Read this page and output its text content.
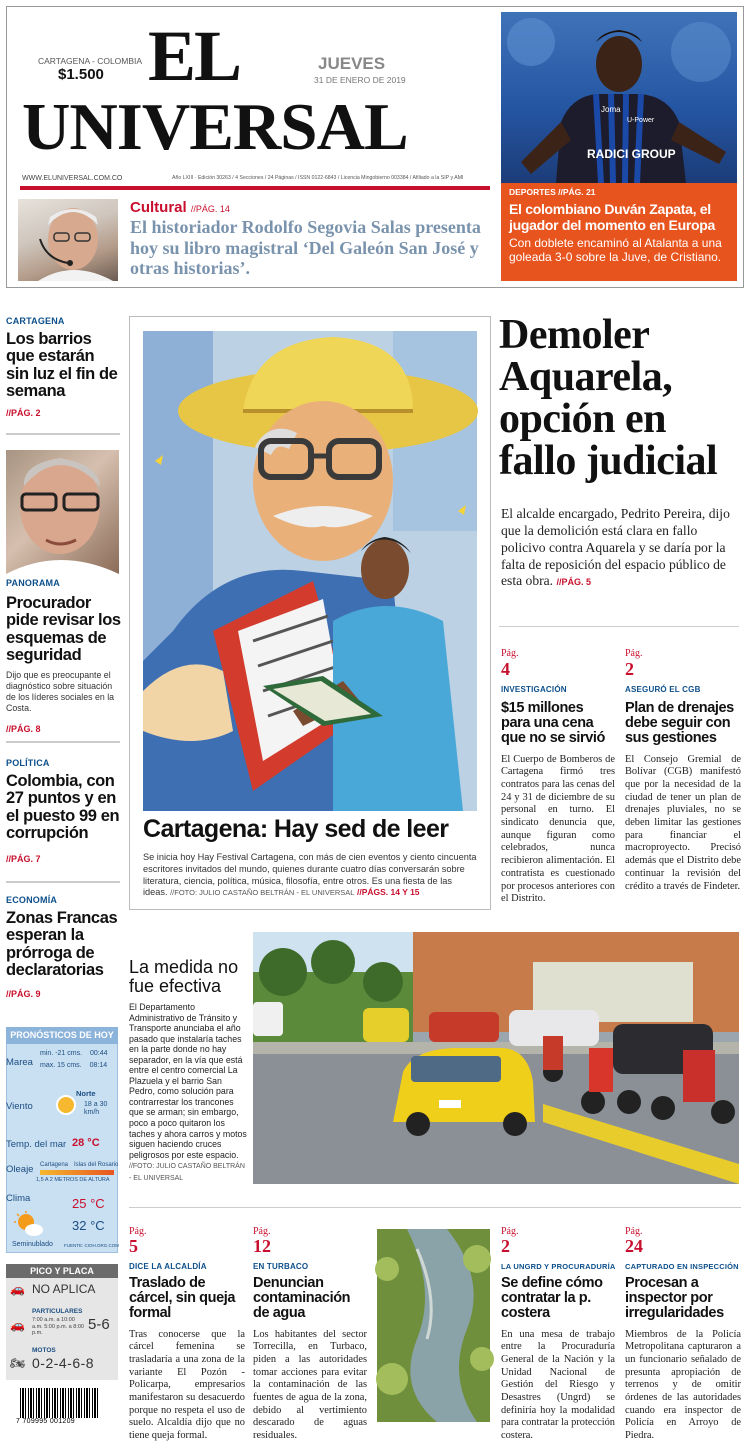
CARTAGENA - COLOMBIA
$1.500 EL
UNIVERSAL
JUEVES
31 DE ENERO DE 2019
WWW.ELUNIVERSAL.COM.CO	Año LXIII · Edición 30263 / 4 Secciones / 24 Páginas / ISSN 0122-6843 / Licencia Mingobierno 003384 / Afiliado a la SIP y AMI
Cultural //PÁG. 14
El historiador Rodolfo Segovia Salas presenta hoy su libro magistral ‘Del Galeón San José y otras historias’.
Joma
U-Power
RADICI GROUP
DEPORTES //PÁG. 21
El colombiano Duván Zapata, el jugador del momento en Europa
Con doblete encaminó al Atalanta a una goleada 3-0 sobre la Juve, de Cristiano.
CARTAGENA
Los barrios que estarán sin luz el fin de semana
//PÁG. 2
PANORAMA
Procurador pide revisar los esquemas de seguridad
Dijo que es preocupante el diagnóstico sobre situación de los líderes sociales en la Costa.
//PÁG. 8
POLÍTICA
Colombia, con 27 puntos y en el puesto 99 en corrupción
//PÁG. 7
ECONOMÍA
Zonas Francas esperan la prórroga de declaratorias
//PÁG. 9
PRONÓSTICOS DE HOY
Marea
min. -21 cms. 00:44
max. 15 cms. 08:14
Viento
Norte
18 a 30 km/h
Temp. del mar 28 °C
Oleaje Cartagena Islas del Rosario
1,5 A 2 METROS DE ALTURA
Clima	25 °C
32 °C
Seminublado FUENTE: CIOH.ORG.COM
PICO Y PLACA
🚗 NO APLICA
PARTICULARES
🚗 7:00 a.m. a 10:00 a.m. 5:00 p.m. a 8:00 p.m.
5-6
MOTOS
🏍 0-2-4-6-8
7 709995 001209
Cartagena: Hay sed de leer
Se inicia hoy Hay Festival Cartagena, con más de cien eventos y ciento cincuenta escritores invitados del mundo, quienes durante cuatro días conversarán sobre literatura, ciencia, política, música, filosofía, entre otros. Es una fiesta de las ideas. //FOTO: JULIO CASTAÑO BELTRÁN - EL UNIVERSAL //PÁGS. 14 Y 15
Demoler Aquarela, opción en fallo judicial
El alcalde encargado, Pedrito Pereira, dijo que la demolición está clara en fallo policivo contra Aquarela y se daría por la falta de reposición del espacio público de esta obra. //PÁG. 5
Pág.
4
INVESTIGACIÓN
$15 millones para una cena que no se sirvió
El Cuerpo de Bomberos de Cartagena firmó tres contratos para las cenas del 24 y 31 de diciembre de su personal en turno. El sindicato denuncia que, aunque figuran como celebrados, nunca recibieron alimentación. El contratista es cuestionado por procesos anteriores con el Distrito.
Pág.
2
ASEGURÓ EL CGB
Plan de drenajes debe seguir con sus gestiones
El Consejo Gremial de Bolívar (CGB) manifestó que por la necesidad de la ciudad de tener un plan de drenajes pluviales, no se deben limitar las gestiones para financiar el macroproyecto. Precisó además que el Distrito debe continuar la revisión del crédito a través de Findeter.
La medida no fue efectiva
El Departamento Administrativo de Tránsito y Transporte anunciaba el año pasado que instalaría taches en la parte donde no hay separador, en la vía que está entre el centro comercial La Plazuela y el barrio San Pedro, como solución para contrarrestar los trancones que se arman; sin embargo, poco a poco quitaron los taches y ahora carros y motos siguen haciendo cruces peligrosos por este espacio. //FOTO: JULIO CASTAÑO BELTRÁN - EL UNIVERSAL
Pág.
5
DICE LA ALCALDÍA
Traslado de cárcel, sin queja formal
Tras conocerse que la cárcel femenina se trasladaría a una zona de la variante El Pozón - Policarpa, empresarios manifestaron su desacuerdo porque no respeta el uso de suelo. Alcaldía dijo que no tiene queja formal.
Pág.
12
EN TURBACO
Denuncian contaminación de agua
Los habitantes del sector Torrecilla, en Turbaco, piden a las autoridades tomar acciones para evitar la contaminación de las fuentes de agua de la zona, debido al vertimiento descarado de aguas residuales.
Pág.
2
LA UNGRD Y PROCURADURÍA
Se define cómo contratar la p. costera
En una mesa de trabajo entre la Procuraduría General de la Nación y la Unidad Nacional de Gestión del Riesgo y Desastres (Ungrd) se definiría hoy la modalidad para contratar la protección costera.
Pág.
24
CAPTURADO EN INSPECCIÓN
Procesan a inspector por irregularidades
Miembros de la Policía Metropolitana capturaron a un funcionario señalado de presunta apropiación de terrenos y de omitir órdenes de las autoridades cuando era inspector de Policía en Arroyo de Piedra.
